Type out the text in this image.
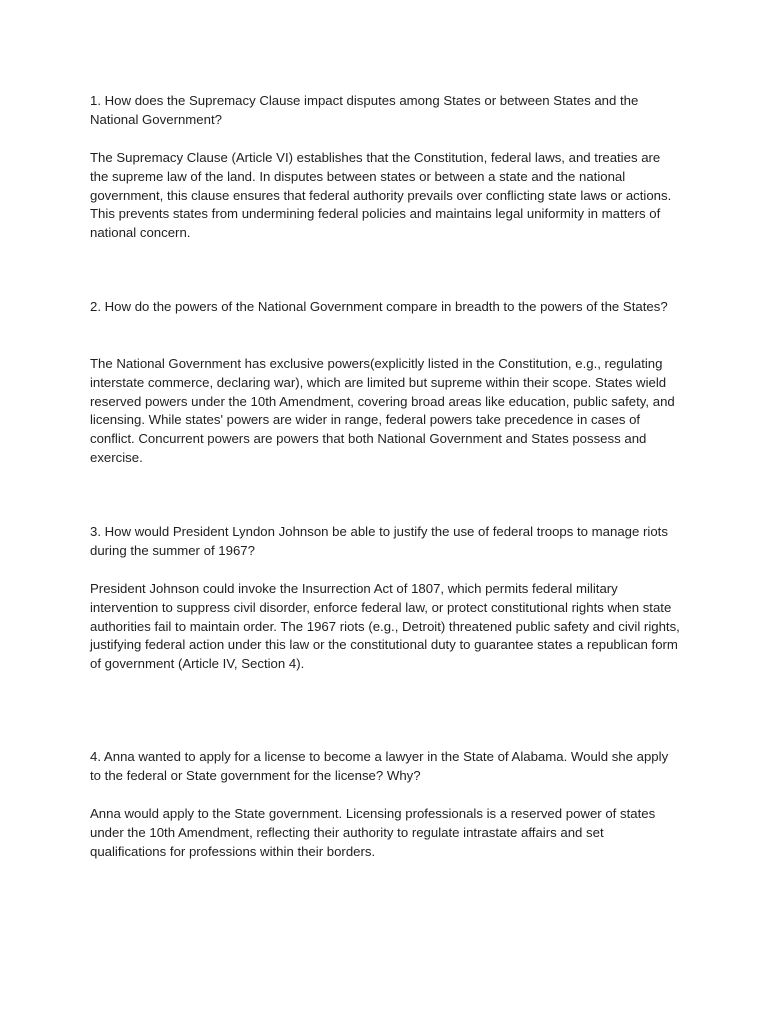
1. How does the Supremacy Clause impact disputes among States or between States and the National Government?

The Supremacy Clause (Article VI) establishes that the Constitution, federal laws, and treaties are the supreme law of the land. In disputes between states or between a state and the national government, this clause ensures that federal authority prevails over conflicting state laws or actions. This prevents states from undermining federal policies and maintains legal uniformity in matters of national concern.

2. How do the powers of the National Government compare in breadth to the powers of the States?

The National Government has exclusive powers(explicitly listed in the Constitution, e.g., regulating interstate commerce, declaring war), which are limited but supreme within their scope. States wield reserved powers under the 10th Amendment, covering broad areas like education, public safety, and licensing. While states' powers are wider in range, federal powers take precedence in cases of conflict. Concurrent powers are powers that both National Government and States possess and exercise.

3. How would President Lyndon Johnson be able to justify the use of federal troops to manage riots during the summer of 1967?

President Johnson could invoke the Insurrection Act of 1807, which permits federal military intervention to suppress civil disorder, enforce federal law, or protect constitutional rights when state authorities fail to maintain order. The 1967 riots (e.g., Detroit) threatened public safety and civil rights, justifying federal action under this law or the constitutional duty to guarantee states a republican form of government (Article IV, Section 4).

4. Anna wanted to apply for a license to become a lawyer in the State of Alabama. Would she apply to the federal or State government for the license? Why?

Anna would apply to the State government. Licensing professionals is a reserved power of states under the 10th Amendment, reflecting their authority to regulate intrastate affairs and set qualifications for professions within their borders.
